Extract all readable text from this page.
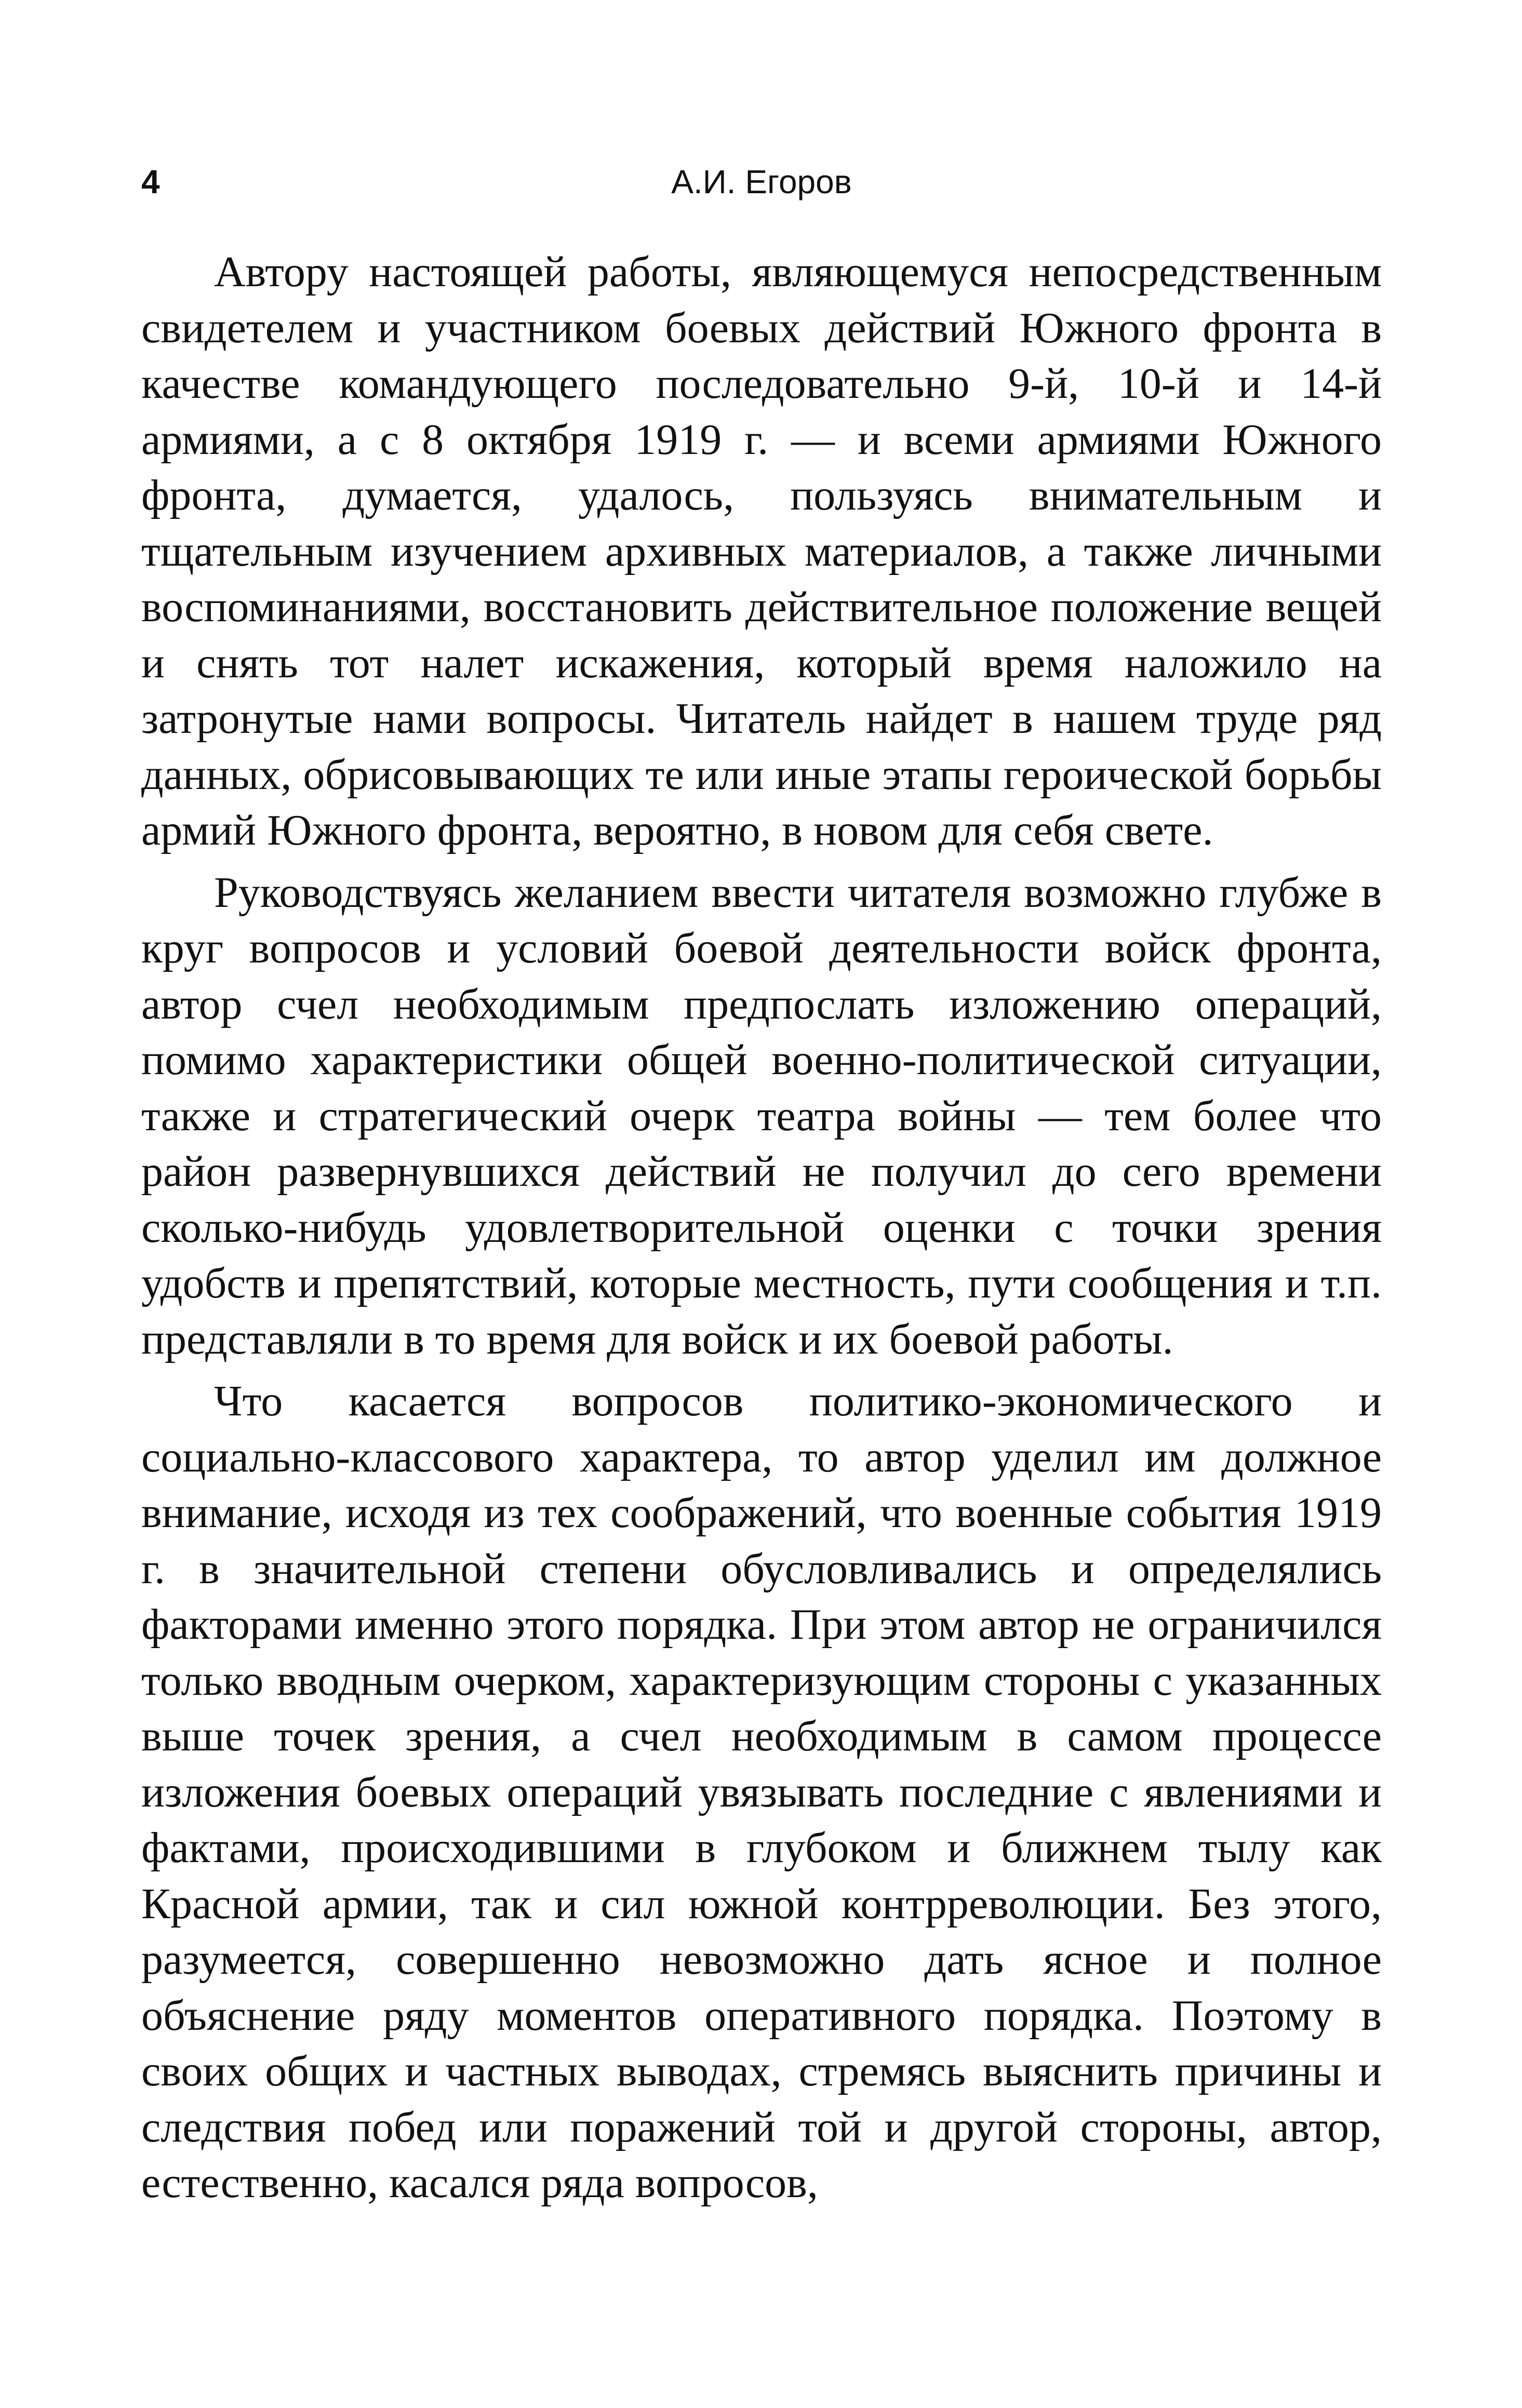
4	А.И. Егоров

Автору настоящей работы, являющемуся непосредственным свидетелем и участником боевых действий Южного фронта в качестве командующего последовательно 9-й, 10-й и 14-й армиями, а с 8 октября 1919 г. — и всеми армиями Южного фронта, думается, удалось, пользуясь внимательным и тщательным изучением архивных материалов, а также личными воспоминаниями, восстановить действительное положение вещей и снять тот налет искажения, который время наложило на затронутые нами вопросы. Читатель найдет в нашем труде ряд данных, обрисовывающих те или иные этапы героической борьбы армий Южного фронта, вероятно, в новом для себя свете.

Руководствуясь желанием ввести читателя возможно глубже в круг вопросов и условий боевой деятельности войск фронта, автор счел необходимым предпослать изложению операций, помимо характеристики общей военно-политической ситуации, также и стратегический очерк театра войны — тем более что район развернувшихся действий не получил до сего времени сколько-нибудь удовлетворительной оценки с точки зрения удобств и препятствий, которые местность, пути сообщения и т.п. представляли в то время для войск и их боевой работы.

Что касается вопросов политико-экономического и социально-классового характера, то автор уделил им должное внимание, исходя из тех соображений, что военные события 1919 г. в значительной степени обусловливались и определялись факторами именно этого порядка. При этом автор не ограничился только вводным очерком, характеризующим стороны с указанных выше точек зрения, а счел необходимым в самом процессе изложения боевых операций увязывать последние с явлениями и фактами, происходившими в глубоком и ближнем тылу как Красной армии, так и сил южной контрреволюции. Без этого, разумеется, совершенно невозможно дать ясное и полное объяснение ряду моментов оперативного порядка. Поэтому в своих общих и частных выводах, стремясь выяснить причины и следствия побед или поражений той и другой стороны, автор, естественно, касался ряда вопросов,
